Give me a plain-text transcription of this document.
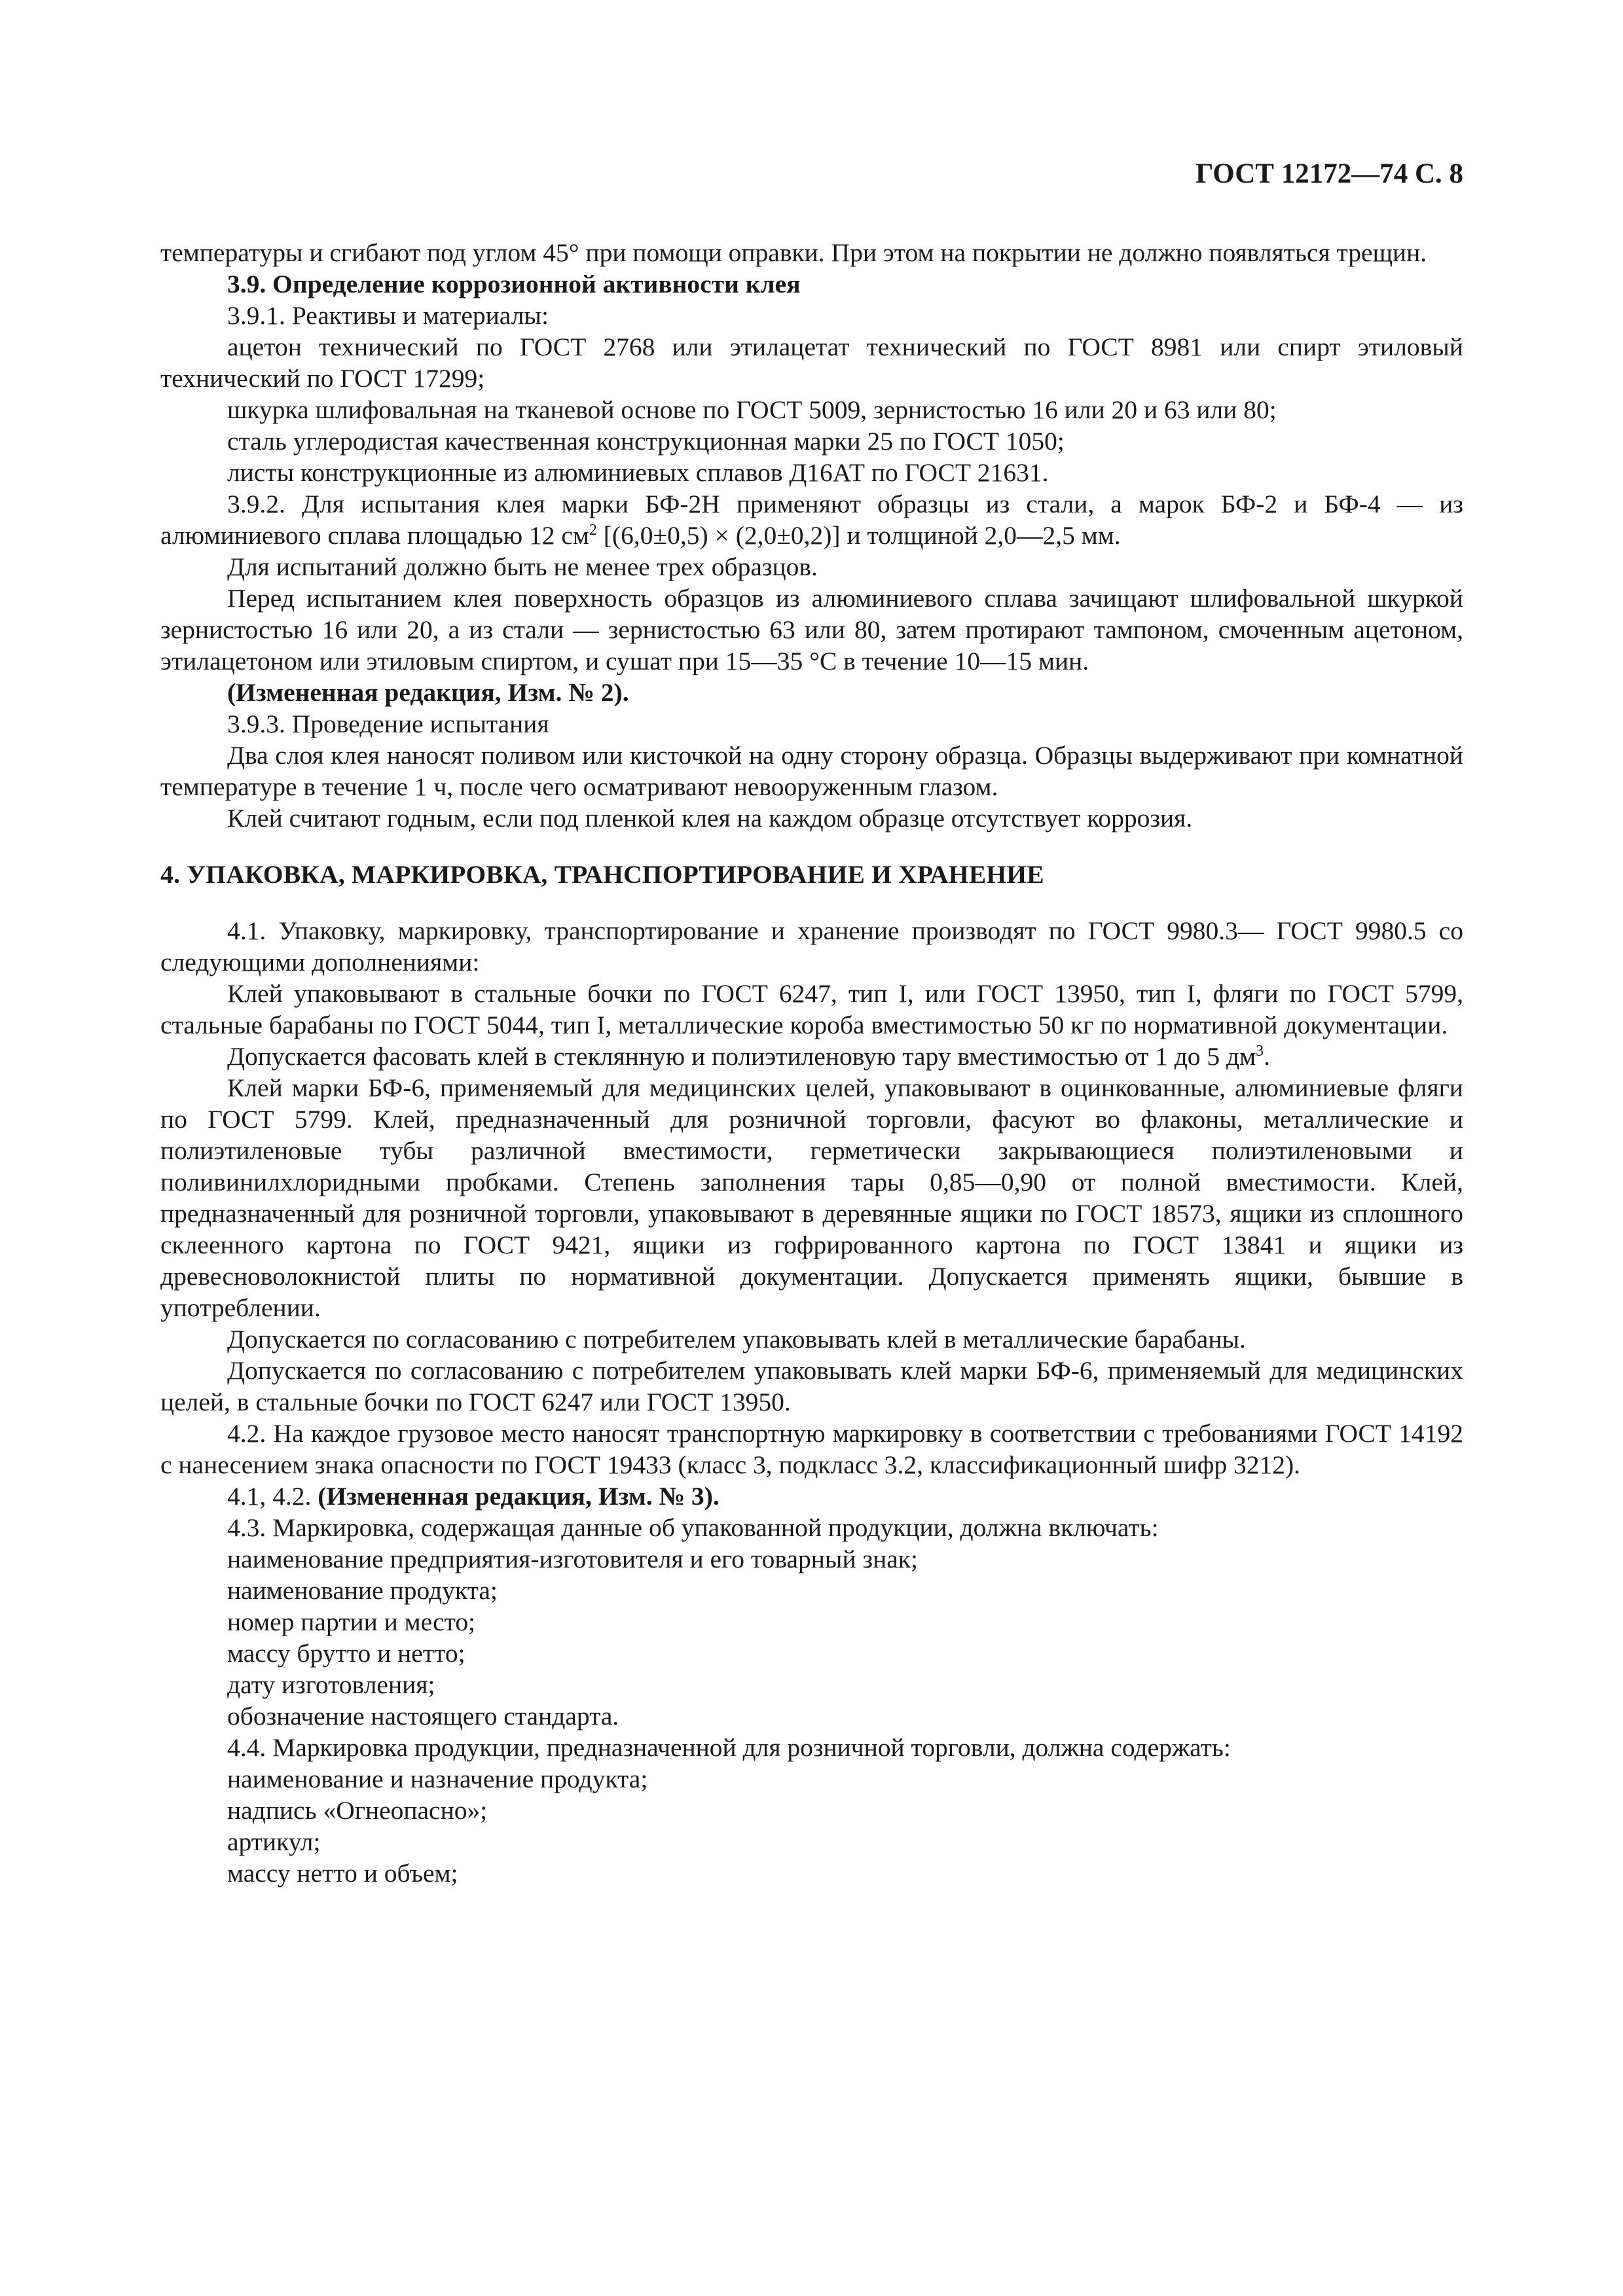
ГОСТ 12172—74 С. 8

температуры и сгибают под углом 45° при помощи оправки. При этом на покрытии не должно появляться трещин.

3.9. Определение коррозионной активности клея

3.9.1. Реактивы и материалы:

ацетон технический по ГОСТ 2768 или этилацетат технический по ГОСТ 8981 или спирт этиловый технический по ГОСТ 17299;

шкурка шлифовальная на тканевой основе по ГОСТ 5009, зернистостью 16 или 20 и 63 или 80;

сталь углеродистая качественная конструкционная марки 25 по ГОСТ 1050;

листы конструкционные из алюминиевых сплавов Д16АТ по ГОСТ 21631.

3.9.2. Для испытания клея марки БФ-2Н применяют образцы из стали, а марок БФ-2 и БФ-4 — из алюминиевого сплава площадью 12 $см^2$ [(6,0±0,5) × (2,0±0,2)] и толщиной 2,0—2,5 мм.

Для испытаний должно быть не менее трех образцов.

Перед испытанием клея поверхность образцов из алюминиевого сплава зачищают шлифовальной шкуркой зернистостью 16 или 20, а из стали — зернистостью 63 или 80, затем протирают тампоном, смоченным ацетоном, этилацетоном или этиловым спиртом, и сушат при 15—35 °С в течение 10—15 мин.

(Измененная редакция, Изм. № 2).

3.9.3. Проведение испытания

Два слоя клея наносят поливом или кисточкой на одну сторону образца. Образцы выдерживают при комнатной температуре в течение 1 ч, после чего осматривают невооруженным глазом.

Клей считают годным, если под пленкой клея на каждом образце отсутствует коррозия.

4. УПАКОВКА, МАРКИРОВКА, ТРАНСПОРТИРОВАНИЕ И ХРАНЕНИЕ

4.1. Упаковку, маркировку, транспортирование и хранение производят по ГОСТ 9980.3— ГОСТ 9980.5 со следующими дополнениями:

Клей упаковывают в стальные бочки по ГОСТ 6247, тип I, или ГОСТ 13950, тип I, фляги по ГОСТ 5799, стальные барабаны по ГОСТ 5044, тип I, металлические короба вместимостью 50 кг по нормативной документации.

Допускается фасовать клей в стеклянную и полиэтиленовую тару вместимостью от 1 до 5 $дм^3$.

Клей марки БФ-6, применяемый для медицинских целей, упаковывают в оцинкованные, алюминиевые фляги по ГОСТ 5799. Клей, предназначенный для розничной торговли, фасуют во флаконы, металлические и полиэтиленовые тубы различной вместимости, герметически закрывающиеся полиэтиленовыми и поливинилхлоридными пробками. Степень заполнения тары 0,85—0,90 от полной вместимости. Клей, предназначенный для розничной торговли, упаковывают в деревянные ящики по ГОСТ 18573, ящики из сплошного склеенного картона по ГОСТ 9421, ящики из гофрированного картона по ГОСТ 13841 и ящики из древесноволокнистой плиты по нормативной документации. Допускается применять ящики, бывшие в употреблении.

Допускается по согласованию с потребителем упаковывать клей в металлические барабаны.

Допускается по согласованию с потребителем упаковывать клей марки БФ-6, применяемый для медицинских целей, в стальные бочки по ГОСТ 6247 или ГОСТ 13950.

4.2. На каждое грузовое место наносят транспортную маркировку в соответствии с требованиями ГОСТ 14192 с нанесением знака опасности по ГОСТ 19433 (класс 3, подкласс 3.2, классификационный шифр 3212).

4.1, 4.2. (Измененная редакция, Изм. № 3).

4.3. Маркировка, содержащая данные об упакованной продукции, должна включать:

наименование предприятия-изготовителя и его товарный знак;

наименование продукта;

номер партии и место;

массу брутто и нетто;

дату изготовления;

обозначение настоящего стандарта.

4.4. Маркировка продукции, предназначенной для розничной торговли, должна содержать:

наименование и назначение продукта;

надпись «Огнеопасно»;

артикул;

массу нетто и объем;
